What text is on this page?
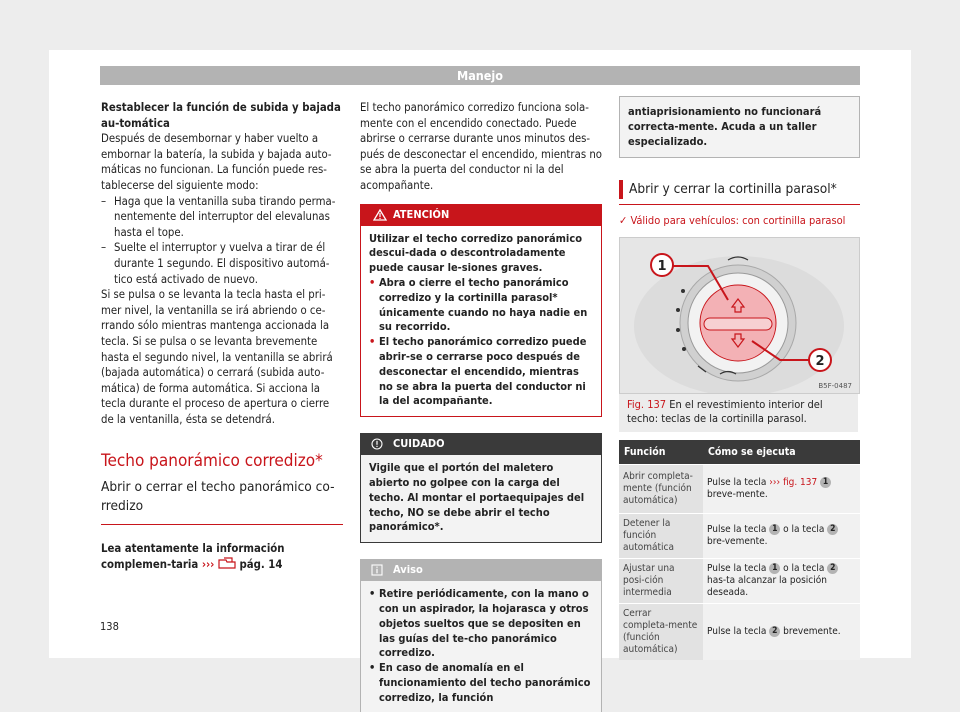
Manejo

Restablecer la función de subida y bajada au-tomática

Después de desembornar y haber vuelto a embornar la batería, la subida y bajada auto-máticas no funcionan. La función puede res-tablecerse del siguiente modo:

– Haga que la ventanilla suba tirando perma-nentemente del interruptor del elevalunas hasta el tope.
– Suelte el interruptor y vuelva a tirar de él durante 1 segundo. El dispositivo automá-tico está activado de nuevo.

Si se pulsa o se levanta la tecla hasta el pri-mer nivel, la ventanilla se irá abriendo o ce-rrando sólo mientras mantenga accionada la tecla. Si se pulsa o se levanta brevemente hasta el segundo nivel, la ventanilla se abrirá (bajada automática) o cerrará (subida auto-mática) de forma automática. Si acciona la tecla durante el proceso de apertura o cierre de la ventanilla, ésta se detendrá.

Techo panorámico corredizo*
Abrir o cerrar el techo panorámico co-rredizo

Lea atentamente la información complemen-taria ››› pág. 14

El techo panorámico corredizo funciona sola-mente con el encendido conectado. Puede abrirse o cerrarse durante unos minutos des-pués de desconectar el encendido, mientras no se abra la puerta del conductor ni la del acompañante.

ATENCIÓN
Utilizar el techo corredizo panorámico descui-dada o descontroladamente puede causar le-siones graves.
• Abra o cierre el techo panorámico corredizo y la cortinilla parasol* únicamente cuando no haya nadie en su recorrido.
• El techo panorámico corredizo puede abrir-se o cerrarse poco después de desconectar el encendido, mientras no se abra la puerta del conductor ni la del acompañante.
CUIDADO
Vigile que el portón del maletero abierto no golpee con la carga del techo. Al montar el portaequipajes del techo, NO se debe abrir el techo panorámico*.
Aviso
• Retire periódicamente, con la mano o con un aspirador, la hojarasca y otros objetos sueltos que se depositen en las guías del te-cho panorámico corredizo.
• En caso de anomalía en el funcionamiento del techo panorámico corredizo, la función
antiaprisionamiento no funcionará correcta-mente. Acuda a un taller especializado.
Abrir y cerrar la cortinilla parasol*
✓ Válido para vehículos: con cortinilla parasol
1
2
B5F-0487
Fig. 137 En el revestimiento interior del techo: teclas de la cortinilla parasol.
Función	Cómo se ejecuta
Abrir completa-mente (función automática)	Pulse la tecla ››› fig. 137 1 breve-mente.
Detener la función automática	Pulse la tecla 1 o la tecla 2 bre-vemente.
Ajustar una posi-ción intermedia	Pulse la tecla 1 o la tecla 2 has-ta alcanzar la posición deseada.
Cerrar completa-mente (función automática)	Pulse la tecla 2 brevemente.
138
